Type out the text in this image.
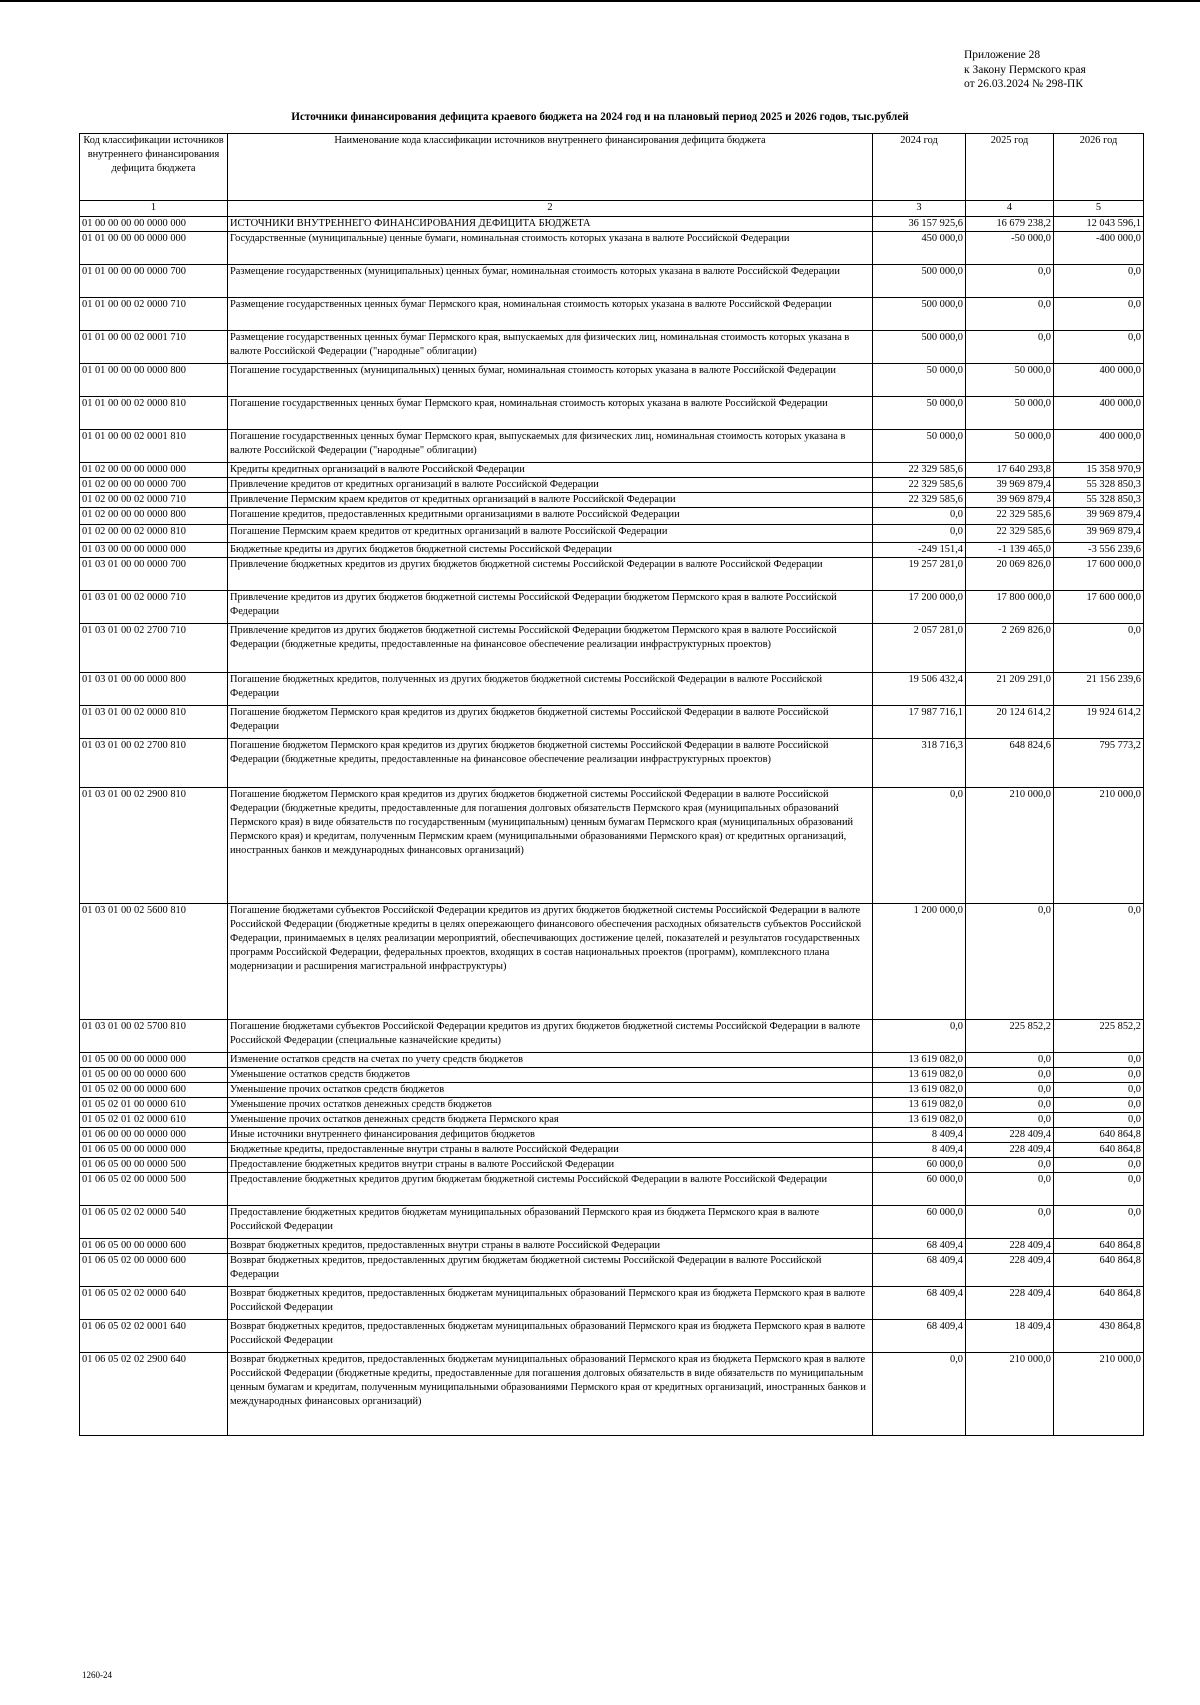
Приложение 28
к Закону Пермского края
от 26.03.2024 № 298-ПК
Источники финансирования дефицита краевого бюджета на 2024 год и на плановый период 2025 и 2026 годов, тыс.рублей
Код классификации источников внутреннего финансирования дефицита бюджета	Наименование кода классификации источников внутреннего финансирования дефицита бюджета	2024 год	2025 год	2026 год
1	2	3	4	5
01 00 00 00 00 0000 000	ИСТОЧНИКИ ВНУТРЕННЕГО ФИНАНСИРОВАНИЯ ДЕФИЦИТА БЮДЖЕТА	36 157 925,6	16 679 238,2	12 043 596,1
01 01 00 00 00 0000 000	Государственные (муниципальные) ценные бумаги, номинальная стоимость которых указана в валюте Российской Федерации	450 000,0	-50 000,0	-400 000,0
01 01 00 00 00 0000 700	Размещение государственных (муниципальных) ценных бумаг, номинальная стоимость которых указана в валюте Российской Федерации	500 000,0	0,0	0,0
01 01 00 00 02 0000 710	Размещение государственных ценных бумаг Пермского края, номинальная стоимость которых указана в валюте Российской Федерации	500 000,0	0,0	0,0
01 01 00 00 02 0001 710	Размещение государственных ценных бумаг Пермского края, выпускаемых для физических лиц, номинальная стоимость которых указана в валюте Российской Федерации ("народные" облигации)	500 000,0	0,0	0,0
01 01 00 00 00 0000 800	Погашение государственных (муниципальных) ценных бумаг, номинальная стоимость которых указана в валюте Российской Федерации	50 000,0	50 000,0	400 000,0
01 01 00 00 02 0000 810	Погашение государственных ценных бумаг Пермского края, номинальная стоимость которых указана в валюте Российской Федерации	50 000,0	50 000,0	400 000,0
01 01 00 00 02 0001 810	Погашение государственных ценных бумаг Пермского края, выпускаемых для физических лиц, номинальная стоимость которых указана в валюте Российской Федерации ("народные" облигации)	50 000,0	50 000,0	400 000,0
01 02 00 00 00 0000 000	Кредиты кредитных организаций в валюте Российской Федерации	22 329 585,6	17 640 293,8	15 358 970,9
01 02 00 00 00 0000 700	Привлечение кредитов от кредитных организаций в валюте Российской Федерации	22 329 585,6	39 969 879,4	55 328 850,3
01 02 00 00 02 0000 710	Привлечение Пермским краем кредитов от кредитных организаций в валюте Российской Федерации	22 329 585,6	39 969 879,4	55 328 850,3
01 02 00 00 00 0000 800	Погашение кредитов, предоставленных кредитными организациями в валюте Российской Федерации	0,0	22 329 585,6	39 969 879,4
01 02 00 00 02 0000 810	Погашение Пермским краем кредитов от кредитных организаций в валюте Российской Федерации	0,0	22 329 585,6	39 969 879,4
01 03 00 00 00 0000 000	Бюджетные кредиты из других бюджетов бюджетной системы Российской Федерации	-249 151,4	-1 139 465,0	-3 556 239,6
01 03 01 00 00 0000 700	Привлечение бюджетных кредитов из других бюджетов бюджетной системы Российской Федерации в валюте Российской Федерации	19 257 281,0	20 069 826,0	17 600 000,0
01 03 01 00 02 0000 710	Привлечение кредитов из других бюджетов бюджетной системы Российской Федерации бюджетом Пермского края в валюте Российской Федерации	17 200 000,0	17 800 000,0	17 600 000,0
01 03 01 00 02 2700 710	Привлечение кредитов из других бюджетов бюджетной системы Российской Федерации бюджетом Пермского края в валюте Российской Федерации (бюджетные кредиты, предоставленные на финансовое обеспечение реализации инфраструктурных проектов)	2 057 281,0	2 269 826,0	0,0
01 03 01 00 00 0000 800	Погашение бюджетных кредитов, полученных из других бюджетов бюджетной системы Российской Федерации в валюте Российской Федерации	19 506 432,4	21 209 291,0	21 156 239,6
01 03 01 00 02 0000 810	Погашение бюджетом Пермского края кредитов из других бюджетов бюджетной системы Российской Федерации в валюте Российской Федерации	17 987 716,1	20 124 614,2	19 924 614,2
01 03 01 00 02 2700 810	Погашение бюджетом Пермского края кредитов из других бюджетов бюджетной системы Российской Федерации в валюте Российской Федерации (бюджетные кредиты, предоставленные на финансовое обеспечение реализации инфраструктурных проектов)	318 716,3	648 824,6	795 773,2
01 03 01 00 02 2900 810	Погашение бюджетом Пермского края кредитов из других бюджетов бюджетной системы Российской Федерации в валюте Российской Федерации (бюджетные кредиты, предоставленные для погашения долговых обязательств Пермского края (муниципальных образований Пермского края) в виде обязательств по государственным (муниципальным) ценным бумагам Пермского края (муниципальных образований Пермского края) и кредитам, полученным Пермским краем (муниципальными образованиями Пермского края) от кредитных организаций, иностранных банков и международных финансовых организаций)	0,0	210 000,0	210 000,0
01 03 01 00 02 5600 810	Погашение бюджетами субъектов Российской Федерации кредитов из других бюджетов бюджетной системы Российской Федерации в валюте Российской Федерации (бюджетные кредиты в целях опережающего финансового обеспечения расходных обязательств субъектов Российской Федерации, принимаемых в целях реализации мероприятий, обеспечивающих достижение целей, показателей и результатов государственных программ Российской Федерации, федеральных проектов, входящих в состав национальных проектов (программ), комплексного плана модернизации и расширения магистральной инфраструктуры)	1 200 000,0	0,0	0,0
01 03 01 00 02 5700 810	Погашение бюджетами субъектов Российской Федерации кредитов из других бюджетов бюджетной системы Российской Федерации в валюте Российской Федерации (специальные казначейские кредиты)	0,0	225 852,2	225 852,2
01 05 00 00 00 0000 000	Изменение остатков средств на счетах по учету средств бюджетов	13 619 082,0	0,0	0,0
01 05 00 00 00 0000 600	Уменьшение остатков средств бюджетов	13 619 082,0	0,0	0,0
01 05 02 00 00 0000 600	Уменьшение прочих остатков средств бюджетов	13 619 082,0	0,0	0,0
01 05 02 01 00 0000 610	Уменьшение прочих остатков денежных средств бюджетов	13 619 082,0	0,0	0,0
01 05 02 01 02 0000 610	Уменьшение прочих остатков денежных средств бюджета Пермского края	13 619 082,0	0,0	0,0
01 06 00 00 00 0000 000	Иные источники внутреннего финансирования дефицитов бюджетов	8 409,4	228 409,4	640 864,8
01 06 05 00 00 0000 000	Бюджетные кредиты, предоставленные внутри страны в валюте Российской Федерации	8 409,4	228 409,4	640 864,8
01 06 05 00 00 0000 500	Предоставление бюджетных кредитов внутри страны в валюте Российской Федерации	60 000,0	0,0	0,0
01 06 05 02 00 0000 500	Предоставление бюджетных кредитов другим бюджетам бюджетной системы Российской Федерации в валюте Российской Федерации	60 000,0	0,0	0,0
01 06 05 02 02 0000 540	Предоставление бюджетных кредитов бюджетам муниципальных образований Пермского края из бюджета Пермского края в валюте Российской Федерации	60 000,0	0,0	0,0
01 06 05 00 00 0000 600	Возврат бюджетных кредитов, предоставленных внутри страны в валюте Российской Федерации	68 409,4	228 409,4	640 864,8
01 06 05 02 00 0000 600	Возврат бюджетных кредитов, предоставленных другим бюджетам бюджетной системы Российской Федерации в валюте Российской Федерации	68 409,4	228 409,4	640 864,8
01 06 05 02 02 0000 640	Возврат бюджетных кредитов, предоставленных бюджетам муниципальных образований Пермского края из бюджета Пермского края в валюте Российской Федерации	68 409,4	228 409,4	640 864,8
01 06 05 02 02 0001 640	Возврат бюджетных кредитов, предоставленных бюджетам муниципальных образований Пермского края из бюджета Пермского края в валюте Российской Федерации	68 409,4	18 409,4	430 864,8
01 06 05 02 02 2900 640	Возврат бюджетных кредитов, предоставленных бюджетам муниципальных образований Пермского края из бюджета Пермского края в валюте Российской Федерации (бюджетные кредиты, предоставленные для погашения долговых обязательств в виде обязательств по муниципальным ценным бумагам и кредитам, полученным муниципальными образованиями Пермского края от кредитных организаций, иностранных банков и международных финансовых организаций)	0,0	210 000,0	210 000,0
1260-24
